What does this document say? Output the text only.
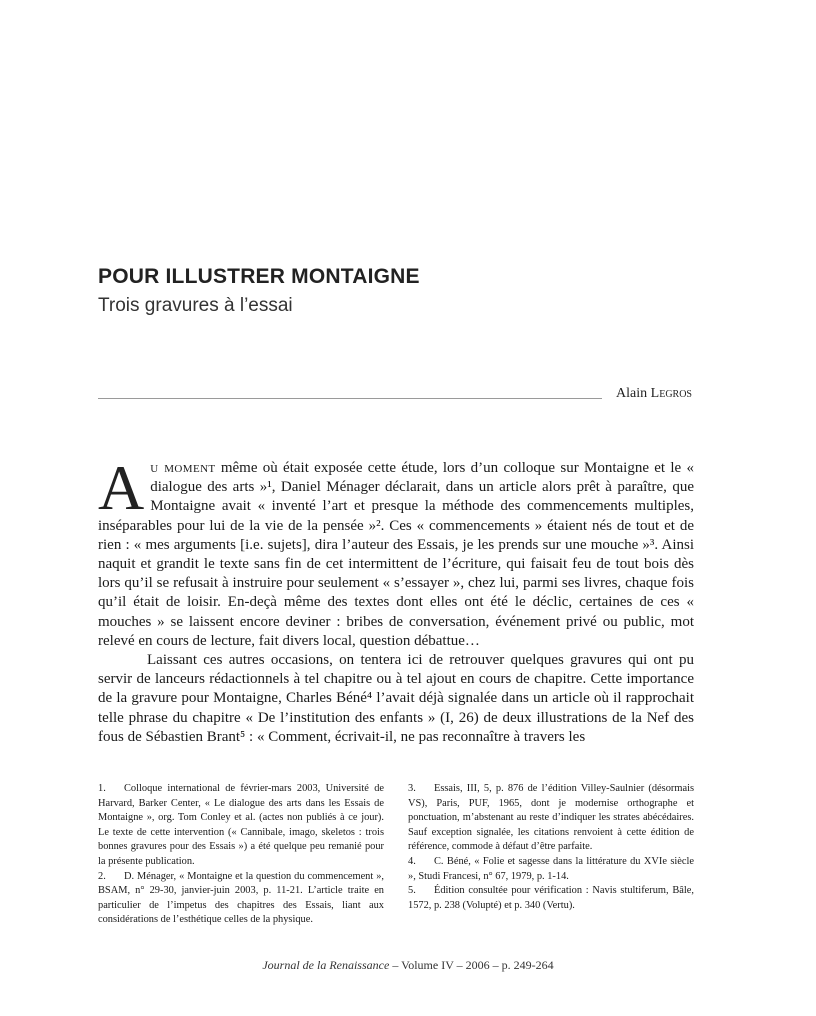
POUR ILLUSTRER MONTAIGNE
Trois gravures à l’essai
Alain Legros

Au moment même où était exposée cette étude, lors d’un colloque sur Montaigne et le « dialogue des arts »¹, Daniel Ménager déclarait, dans un article alors prêt à paraître, que Montaigne avait « inventé l’art et presque la méthode des commencements multiples, inséparables pour lui de la vie de la pensée »². Ces « commencements » étaient nés de tout et de rien : « mes arguments [i.e. sujets], dira l’auteur des Essais, je les prends sur une mouche »³. Ainsi naquit et grandit le texte sans fin de cet intermittent de l’écriture, qui faisait feu de tout bois dès lors qu’il se refusait à instruire pour seulement « s’essayer », chez lui, parmi ses livres, chaque fois qu’il était de loisir. En-deçà même des textes dont elles ont été le déclic, certaines de ces « mouches » se laissent encore deviner : bribes de conversation, événement privé ou public, mot relevé en cours de lecture, fait divers local, question débattue…

Laissant ces autres occasions, on tentera ici de retrouver quelques gravures qui ont pu servir de lanceurs rédactionnels à tel chapitre ou à tel ajout en cours de chapitre. Cette importance de la gravure pour Montaigne, Charles Béné⁴ l’avait déjà signalée dans un article où il rapprochait telle phrase du chapitre « De l’institution des enfants » (I, 26) de deux illustrations de la Nef des fous de Sébastien Brant⁵ : « Comment, écrivait-il, ne pas reconnaître à travers les

1. Colloque international de février-mars 2003, Université de Harvard, Barker Center, « Le dialogue des arts dans les Essais de Montaigne », org. Tom Conley et al. (actes non publiés à ce jour). Le texte de cette intervention (« Cannibale, imago, skeletos : trois bonnes gravures pour des Essais ») a été quelque peu remanié pour la présente publication.

2. D. Ménager, « Montaigne et la question du commencement », BSAM, n° 29-30, janvier-juin 2003, p. 11-21. L’article traite en particulier de l’impetus des chapitres des Essais, liant aux considérations de l’esthétique celles de la physique.

3. Essais, III, 5, p. 876 de l’édition Villey-Saulnier (désormais VS), Paris, PUF, 1965, dont je modernise orthographe et ponctuation, m’abstenant au reste d’indiquer les strates abécédaires. Sauf exception signalée, les citations renvoient à cette édition de référence, commode à défaut d’être parfaite.

4. C. Béné, « Folie et sagesse dans la littérature du XVIe siècle », Studi Francesi, n° 67, 1979, p. 1-14.

5. Édition consultée pour vérification : Navis stultiferum, Bâle, 1572, p. 238 (Volupté) et p. 340 (Vertu).

Journal de la Renaissance – Volume IV – 2006 – p. 249-264
